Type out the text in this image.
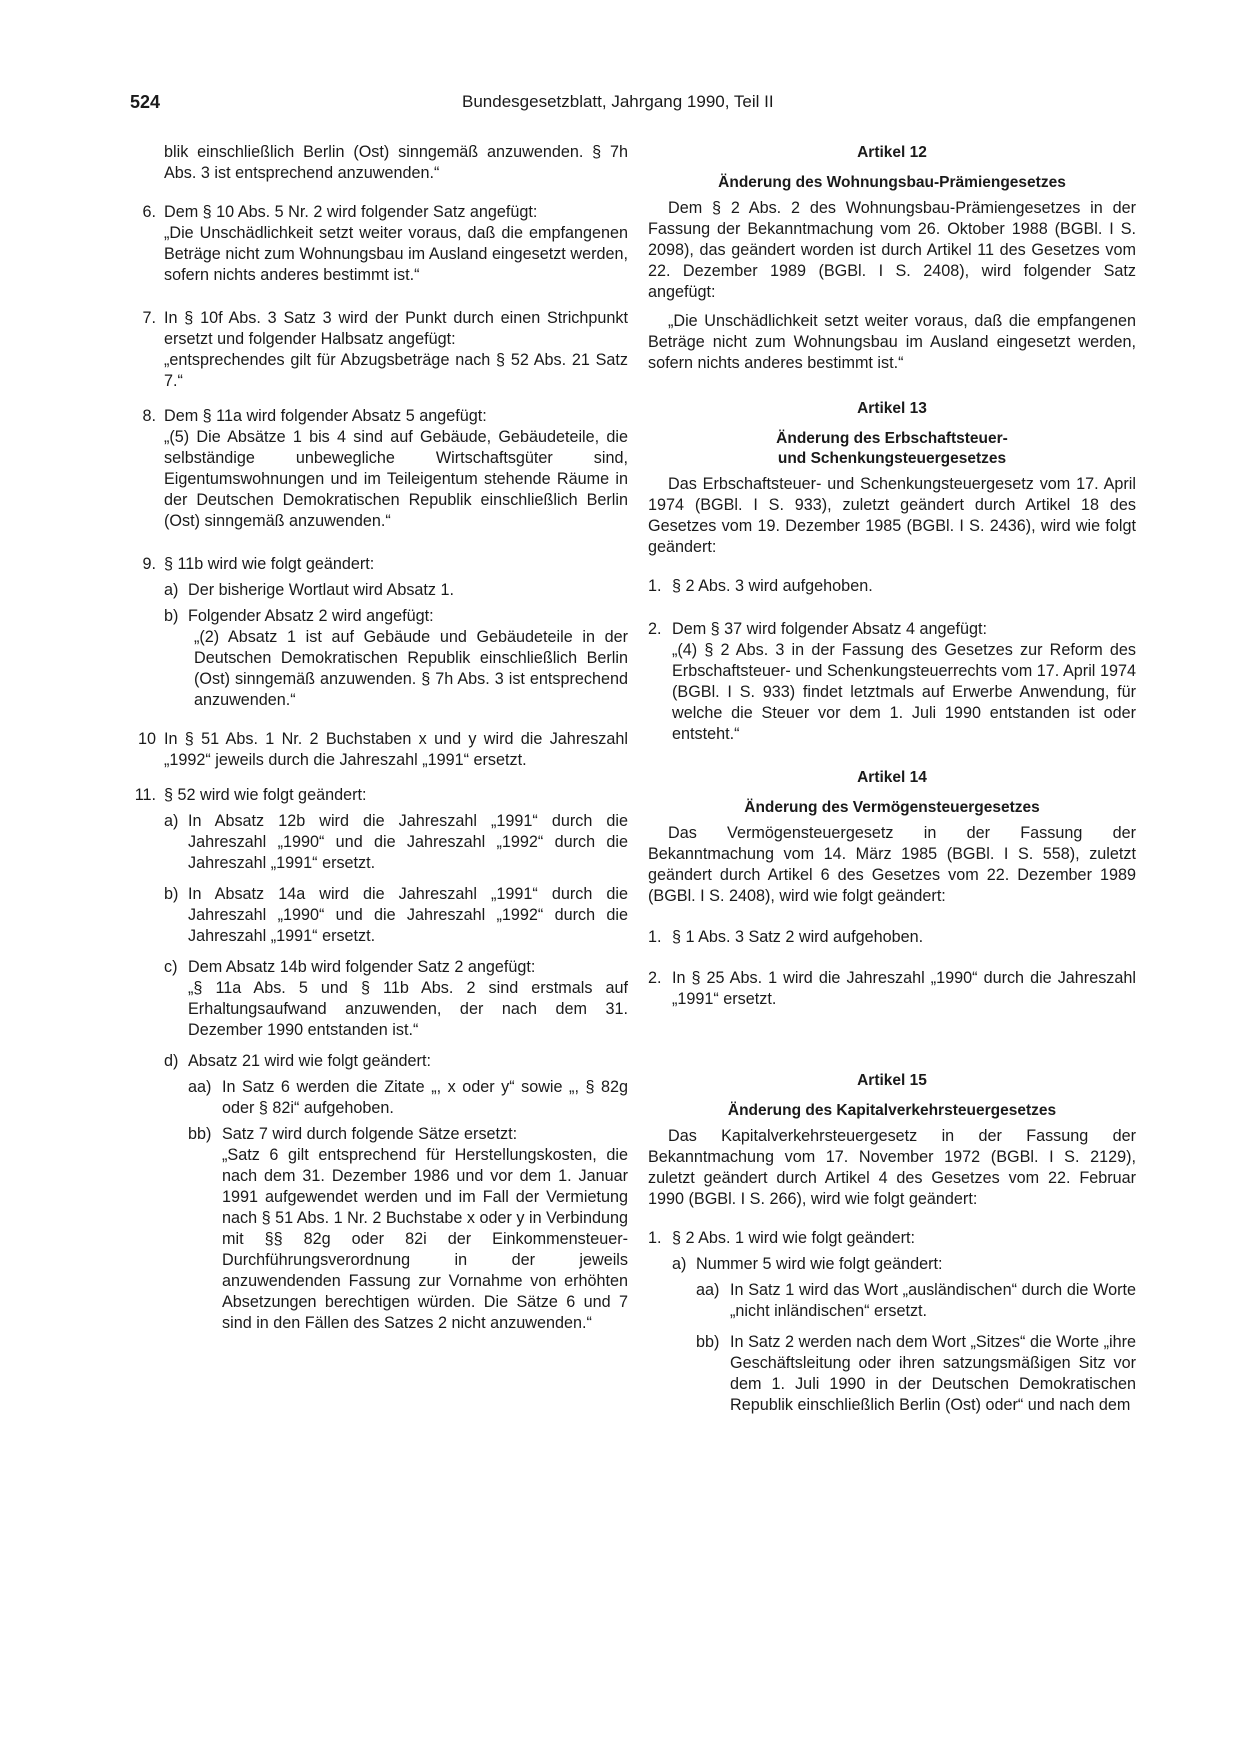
524	Bundesgesetzblatt, Jahrgang 1990, Teil II

blik einschließlich Berlin (Ost) sinngemäß anzuwenden. § 7h Abs. 3 ist entsprechend anzuwenden.“

6. Dem § 10 Abs. 5 Nr. 2 wird folgender Satz angefügt:

„Die Unschädlichkeit setzt weiter voraus, daß die empfangenen Beträge nicht zum Wohnungsbau im Ausland eingesetzt werden, sofern nichts anderes bestimmt ist.“

7. In § 10f Abs. 3 Satz 3 wird der Punkt durch einen Strichpunkt ersetzt und folgender Halbsatz angefügt:

„entsprechendes gilt für Abzugsbeträge nach § 52 Abs. 21 Satz 7.“

8. Dem § 11a wird folgender Absatz 5 angefügt:

„(5) Die Absätze 1 bis 4 sind auf Gebäude, Gebäudeteile, die selbständige unbewegliche Wirtschaftsgüter sind, Eigentumswohnungen und im Teileigentum stehende Räume in der Deutschen Demokratischen Republik einschließlich Berlin (Ost) sinngemäß anzuwenden.“

9. § 11b wird wie folgt geändert:

a) Der bisherige Wortlaut wird Absatz 1.
b) Folgender Absatz 2 wird angefügt:

„(2) Absatz 1 ist auf Gebäude und Gebäudeteile in der Deutschen Demokratischen Republik einschließlich Berlin (Ost) sinngemäß anzuwenden. § 7h Abs. 3 ist entsprechend anzuwenden.“

10 In § 51 Abs. 1 Nr. 2 Buchstaben x und y wird die Jahreszahl „1992“ jeweils durch die Jahreszahl „1991“ ersetzt.

11. § 52 wird wie folgt geändert:

a) In Absatz 12b wird die Jahreszahl „1991“ durch die Jahreszahl „1990“ und die Jahreszahl „1992“ durch die Jahreszahl „1991“ ersetzt.
b) In Absatz 14a wird die Jahreszahl „1991“ durch die Jahreszahl „1990“ und die Jahreszahl „1992“ durch die Jahreszahl „1991“ ersetzt.
c) Dem Absatz 14b wird folgender Satz 2 angefügt:

„§ 11a Abs. 5 und § 11b Abs. 2 sind erstmals auf Erhaltungsaufwand anzuwenden, der nach dem 31. Dezember 1990 entstanden ist.“

d) Absatz 21 wird wie folgt geändert:
aa) In Satz 6 werden die Zitate „, x oder y“ sowie „, § 82g oder § 82i“ aufgehoben.
bb) Satz 7 wird durch folgende Sätze ersetzt:

„Satz 6 gilt entsprechend für Herstellungskosten, die nach dem 31. Dezember 1986 und vor dem 1. Januar 1991 aufgewendet werden und im Fall der Vermietung nach § 51 Abs. 1 Nr. 2 Buchstabe x oder y in Verbindung mit §§ 82g oder 82i der Einkommensteuer-Durchführungsverordnung in der jeweils anzuwendenden Fassung zur Vornahme von erhöhten Absetzungen berechtigen würden. Die Sätze 6 und 7 sind in den Fällen des Satzes 2 nicht anzuwenden.“

Artikel 12

Änderung des Wohnungsbau-Prämiengesetzes

Dem § 2 Abs. 2 des Wohnungsbau-Prämiengesetzes in der Fassung der Bekanntmachung vom 26. Oktober 1988 (BGBl. I S. 2098), das geändert worden ist durch Artikel 11 des Gesetzes vom 22. Dezember 1989 (BGBl. I S. 2408), wird folgender Satz angefügt:

„Die Unschädlichkeit setzt weiter voraus, daß die empfangenen Beträge nicht zum Wohnungsbau im Ausland eingesetzt werden, sofern nichts anderes bestimmt ist.“

Artikel 13

Änderung des Erbschaftsteuer-

und Schenkungsteuergesetzes

Das Erbschaftsteuer- und Schenkungsteuergesetz vom 17. April 1974 (BGBl. I S. 933), zuletzt geändert durch Artikel 18 des Gesetzes vom 19. Dezember 1985 (BGBl. I S. 2436), wird wie folgt geändert:

1. § 2 Abs. 3 wird aufgehoben.
2. Dem § 37 wird folgender Absatz 4 angefügt:

„(4) § 2 Abs. 3 in der Fassung des Gesetzes zur Reform des Erbschaftsteuer- und Schenkungsteuerrechts vom 17. April 1974 (BGBl. I S. 933) findet letztmals auf Erwerbe Anwendung, für welche die Steuer vor dem 1. Juli 1990 entstanden ist oder entsteht.“

Artikel 14

Änderung des Vermögensteuergesetzes

Das Vermögensteuergesetz in der Fassung der Bekanntmachung vom 14. März 1985 (BGBl. I S. 558), zuletzt geändert durch Artikel 6 des Gesetzes vom 22. Dezember 1989 (BGBl. I S. 2408), wird wie folgt geändert:

1. § 1 Abs. 3 Satz 2 wird aufgehoben.
2. In § 25 Abs. 1 wird die Jahreszahl „1990“ durch die Jahreszahl „1991“ ersetzt.

Artikel 15

Änderung des Kapitalverkehrsteuergesetzes

Das Kapitalverkehrsteuergesetz in der Fassung der Bekanntmachung vom 17. November 1972 (BGBl. I S. 2129), zuletzt geändert durch Artikel 4 des Gesetzes vom 22. Februar 1990 (BGBl. I S. 266), wird wie folgt geändert:

1. § 2 Abs. 1 wird wie folgt geändert:
a) Nummer 5 wird wie folgt geändert:
aa) In Satz 1 wird das Wort „ausländischen“ durch die Worte „nicht inländischen“ ersetzt.
bb) In Satz 2 werden nach dem Wort „Sitzes“ die Worte „ihre Geschäftsleitung oder ihren satzungsmäßigen Sitz vor dem 1. Juli 1990 in der Deutschen Demokratischen Republik einschließlich Berlin (Ost) oder“ und nach dem
